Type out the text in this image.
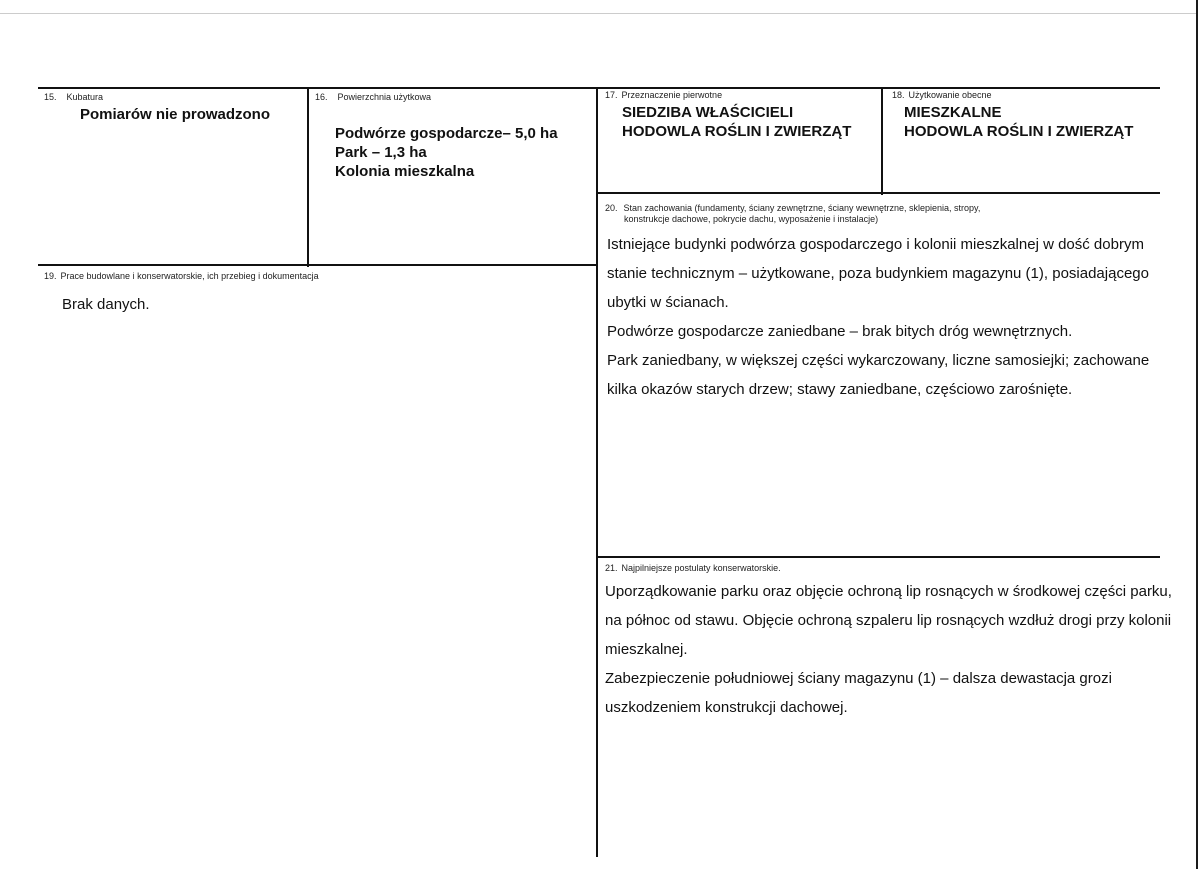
15. Kubatura
Pomiarów nie prowadzono
16. Powierzchnia użytkowa
Podwórze gospodarcze– 5,0 ha
Park – 1,3 ha
Kolonia mieszkalna
17. Przeznaczenie pierwotne
SIEDZIBA WŁAŚCICIELI
HODOWLA ROŚLIN I ZWIERZĄT
18. Użytkowanie obecne
MIESZKALNE
HODOWLA ROŚLIN I ZWIERZĄT
19. Prace budowlane i konserwatorskie, ich przebieg i dokumentacja
Brak danych.
20. Stan zachowania (fundamenty, ściany zewnętrzne, ściany wewnętrzne, sklepienia, stropy,
konstrukcje dachowe, pokrycie dachu, wyposażenie i instalacje)

Istniejące budynki podwórza gospodarczego i kolonii mieszkalnej w dość dobrym

stanie technicznym – użytkowane, poza budynkiem magazynu (1), posiadającego

ubytki w ścianach.

Podwórze gospodarcze zaniedbane – brak bitych dróg wewnętrznych.

Park zaniedbany, w większej części wykarczowany, liczne samosiejki; zachowane

kilka okazów starych drzew; stawy zaniedbane, częściowo zarośnięte.

21. Najpilniejsze postulaty konserwatorskie.

Uporządkowanie parku oraz objęcie ochroną lip rosnących w środkowej części parku,

na północ od stawu. Objęcie ochroną szpaleru lip rosnących wzdłuż drogi przy kolonii

mieszkalnej.

Zabezpieczenie południowej ściany magazynu (1) – dalsza dewastacja grozi

uszkodzeniem konstrukcji dachowej.
